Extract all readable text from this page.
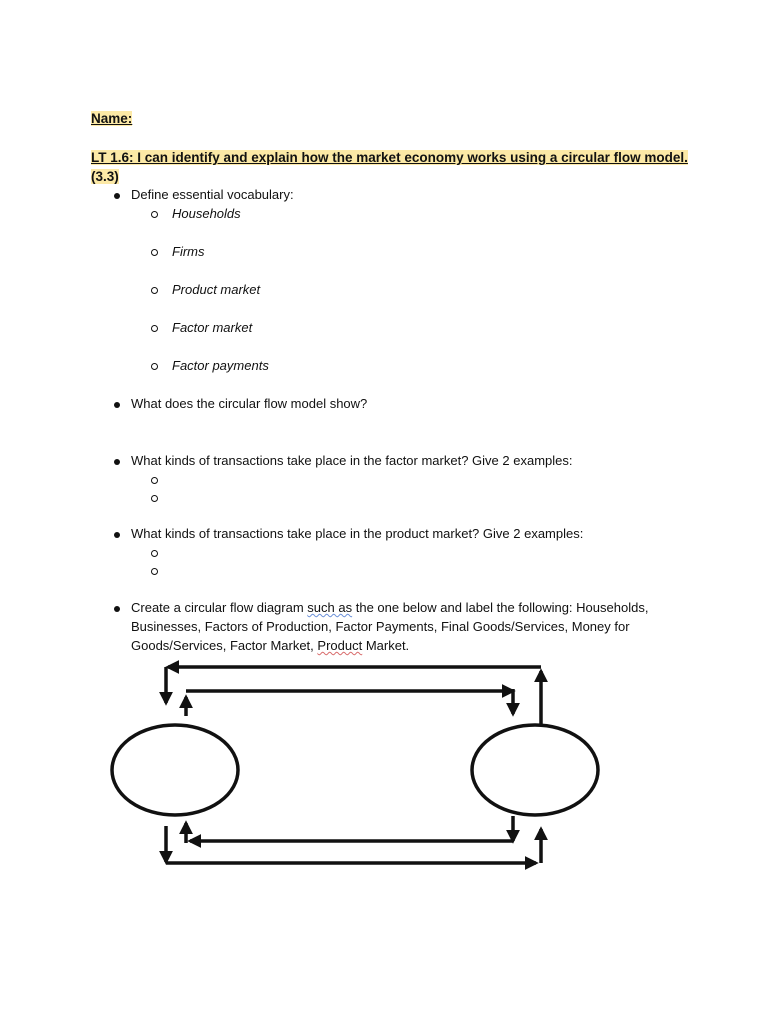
Name:
LT 1.6: I can identify and explain how the market economy works using a circular flow model.
(3.3)
Define essential vocabulary:
Households
Firms
Product market
Factor market
Factor payments
What does the circular flow model show?
What kinds of transactions take place in the factor market? Give 2 examples:
What kinds of transactions take place in the product market? Give 2 examples:
Create a circular flow diagram such as the one below and label the following: Households,
Businesses, Factors of Production, Factor Payments, Final Goods/Services, Money for
Goods/Services, Factor Market, Product Market.
